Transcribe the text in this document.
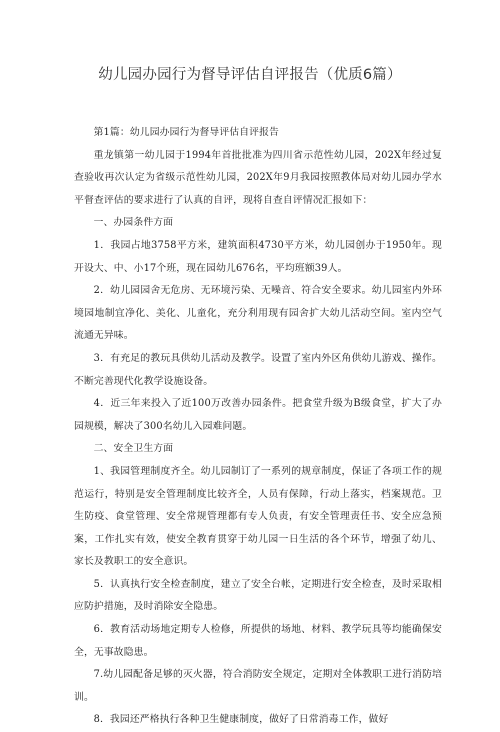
幼儿园办园行为督导评估自评报告（优质6篇）

第1篇：幼儿园办园行为督导评估自评报告

重龙镇第一幼儿园于1994年首批批准为四川省示范性幼儿园，202X年经过复查验收再次认定为省级示范性幼儿园，202X年9月我园按照教体局对幼儿园办学水平督查评估的要求进行了认真的自评，现将自查自评情况汇报如下：

一、办园条件方面

1．我园占地3758平方米，建筑面积4730平方米，幼儿园创办于1950年。现开设大、中、小17个班，现在园幼儿676名，平均班额39人。

2．幼儿园园舍无危房、无环境污染、无噪音、符合安全要求。幼儿园室内外环境园地制宜净化、美化、儿童化，充分利用现有园舍扩大幼儿活动空间。室内空气流通无异味。

3．有充足的教玩具供幼儿活动及教学。设置了室内外区角供幼儿游戏、操作。不断完善现代化教学设施设备。

4．近三年来投入了近100万改善办园条件。把食堂升级为B级食堂，扩大了办园规模，解决了300名幼儿入园难问题。

二、安全卫生方面

1、我园管理制度齐全。幼儿园制订了一系列的规章制度，保证了各项工作的规范运行，特别是安全管理制度比较齐全，人员有保障，行动上落实，档案规范。卫生防疫、食堂管理、安全常规管理都有专人负责，有安全管理责任书、安全应急预案，工作扎实有效，使安全教育贯穿于幼儿园一日生活的各个环节，增强了幼儿、家长及教职工的安全意识。

5．认真执行安全检查制度，建立了安全台帐，定期进行安全检查，及时采取相应防护措施，及时消除安全隐患。

6．教育活动场地定期专人检修，所提供的场地、材料、教学玩具等均能确保安全，无事故隐患。

7.幼儿园配备足够的灭火器，符合消防安全规定，定期对全体教职工进行消防培训。

8．我园还严格执行各种卫生健康制度，做好了日常消毒工作，做好
